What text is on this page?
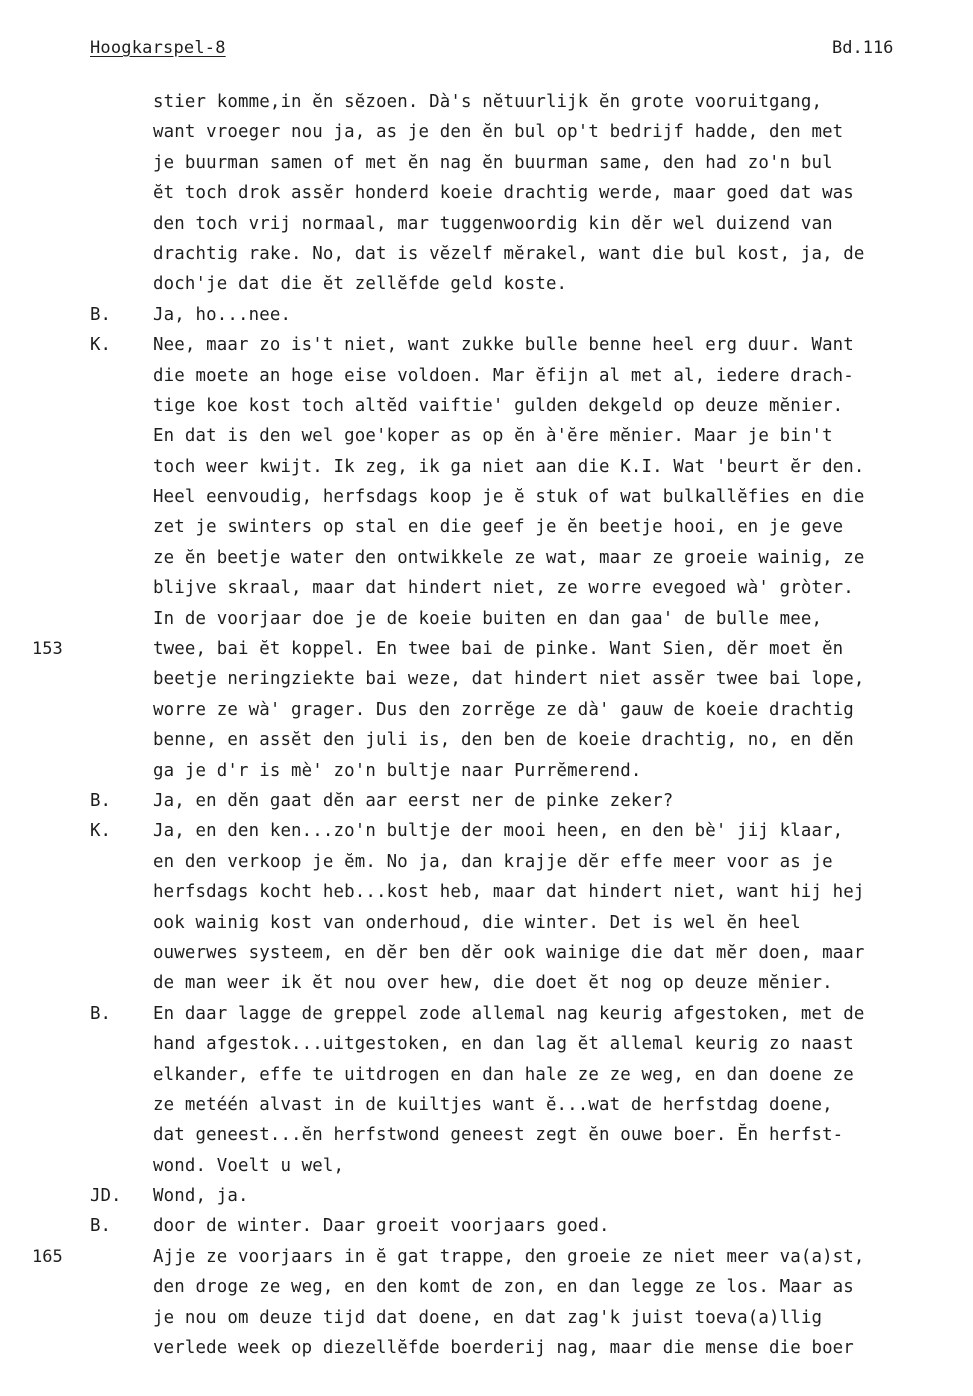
Hoogkarspel-8	Bd.116
stier komme,in ĕn sĕzoen. Dà's nĕtuurlijk ĕn grote vooruitgang,
want vroeger nou ja, as je den ĕn bul op't bedrijf hadde, den met
je buurman samen of met ĕn nag ĕn buurman same, den had zo'n bul
ĕt toch drok assĕr honderd koeie drachtig werde, maar goed dat was
den toch vrij normaal, mar tuggenwoordig kin dĕr wel duizend van
drachtig rake. No, dat is vĕzelf mĕrakel, want die bul kost, ja, de
doch'je dat die ĕt zellĕfde geld koste.
B.	Ja, ho...nee.
K.	Nee, maar zo is't niet, want zukke bulle benne heel erg duur. Want
die moete an hoge eise voldoen. Mar ĕfijn al met al, iedere drach-
tige koe kost toch altĕd vaiftie' gulden dekgeld op deuze mĕnier.
En dat is den wel goe'koper as op ĕn à'ĕre mĕnier. Maar je bin't
toch weer kwijt. Ik zeg, ik ga niet aan die K.I. Wat 'beurt ĕr den.
Heel eenvoudig, herfsdags koop je ĕ stuk of wat bulkallĕfies en die
zet je swinters op stal en die geef je ĕn beetje hooi, en je geve
ze ĕn beetje water den ontwikkele ze wat, maar ze groeie wainig, ze
blijve skraal, maar dat hindert niet, ze worre evegoed wà' gròter.
In de voorjaar doe je de koeie buiten en dan gaa' de bulle mee,
153	twee, bai ĕt koppel. En twee bai de pinke. Want Sien, dĕr moet ĕn
beetje neringziekte bai weze, dat hindert niet assĕr twee bai lope,
worre ze wà' grager. Dus den zorrĕge ze dà' gauw de koeie drachtig
benne, en assĕt den juli is, den ben de koeie drachtig, no, en dĕn
ga je d'r is mè' zo'n bultje naar Purrĕmerend.
B.	Ja, en dĕn gaat dĕn aar eerst ner de pinke zeker?
K.	Ja, en den ken...zo'n bultje der mooi heen, en den bè' jij klaar,
en den verkoop je ĕm. No ja, dan krajje dĕr effe meer voor as je
herfsdags kocht heb...kost heb, maar dat hindert niet, want hij hej
ook wainig kost van onderhoud, die winter. Det is wel ĕn heel
ouwerwes systeem, en dĕr ben dĕr ook wainige die dat mĕr doen, maar
de man weer ik ĕt nou over hew, die doet ĕt nog op deuze mĕnier.
B.	En daar lagge de greppel zode allemal nag keurig afgestoken, met de
hand afgestok...uitgestoken, en dan lag ĕt allemal keurig zo naast
elkander, effe te uitdrogen en dan hale ze ze weg, en dan doene ze
ze metéén alvast in de kuiltjes want ĕ...wat de herfstdag doene,
dat geneest...ĕn herfstwond geneest zegt ĕn ouwe boer. Ĕn herfst-
wond. Voelt u wel,
JD.	Wond, ja.
B.	door de winter. Daar groeit voorjaars goed.
165	Ajje ze voorjaars in ĕ gat trappe, den groeie ze niet meer va(a)st,
den droge ze weg, en den komt de zon, en dan legge ze los. Maar as
je nou om deuze tijd dat doene, en dat zag'k juist toeva(a)llig
verlede week op diezellĕfde boerderij nag, maar die mense die boer
